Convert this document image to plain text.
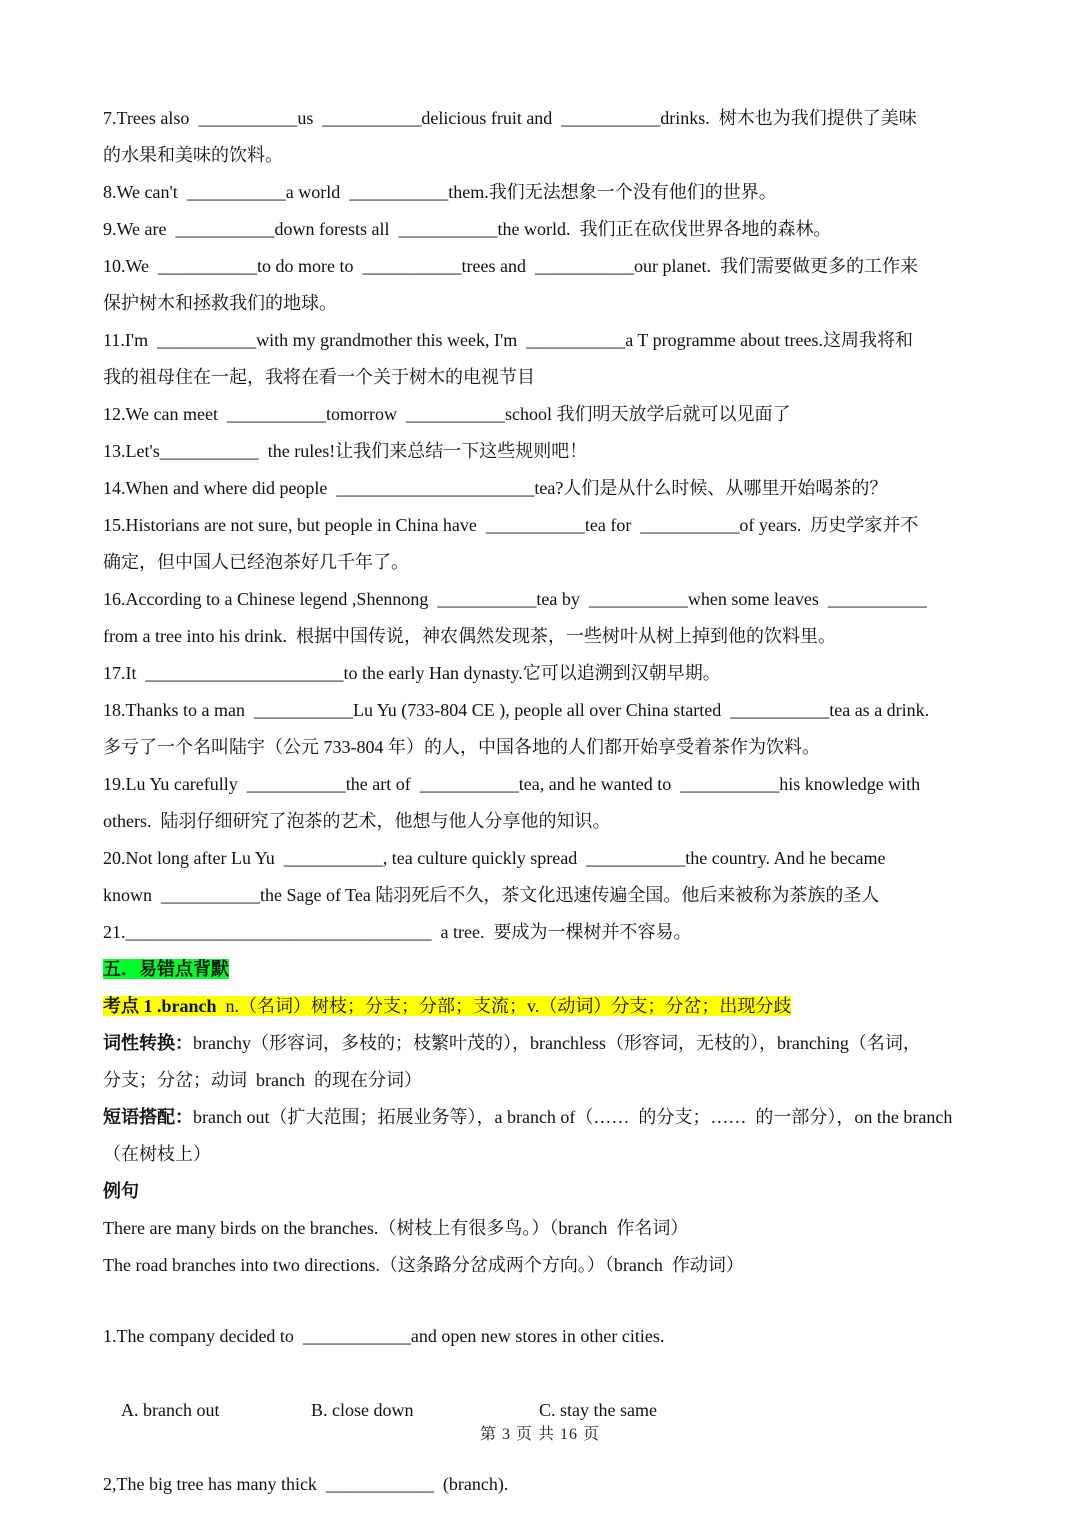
7.Trees also  ___________us  ___________delicious fruit and  ___________drinks.  树木也为我们提供了美味

的水果和美味的饮料。

8.We can't  ___________a world  ___________them.我们无法想象一个没有他们的世界。

9.We are  ___________down forests all  ___________the world.  我们正在砍伐世界各地的森林。

10.We  ___________to do more to  ___________trees and  ___________our planet.  我们需要做更多的工作来

保护树木和拯救我们的地球。

11.I'm  ___________with my grandmother this week, I'm  ___________a T programme about trees.这周我将和

我的祖母住在一起，我将在看一个关于树木的电视节目

12.We can meet  ___________tomorrow  ___________school 我们明天放学后就可以见面了

13.Let's___________  the rules!让我们来总结一下这些规则吧！

14.When and where did people  ______________________tea?人们是从什么时候、从哪里开始喝茶的？

15.Historians are not sure, but people in China have  ___________tea for  ___________of years.  历史学家并不

确定，但中国人已经泡茶好几千年了。

16.According to a Chinese legend ,Shennong  ___________tea by  ___________when some leaves  ___________

from a tree into his drink.  根据中国传说，神农偶然发现茶，一些树叶从树上掉到他的饮料里。

17.It  ______________________to the early Han dynasty.它可以追溯到汉朝早期。

18.Thanks to a man  ___________Lu Yu (733-804 CE ), people all over China started  ___________tea as a drink.

多亏了一个名叫陆宇（公元 733-804 年）的人，中国各地的人们都开始享受着茶作为饮料。

19.Lu Yu carefully  ___________the art of  ___________tea, and he wanted to  ___________his knowledge with

others.  陆羽仔细研究了泡茶的艺术，他想与他人分享他的知识。

20.Not long after Lu Yu  ___________, tea culture quickly spread  ___________the country. And he became

known  ___________the Sage of Tea 陆羽死后不久，茶文化迅速传遍全国。他后来被称为茶族的圣人

21.__________________________________  a tree.  要成为一棵树并不容易。

五．易错点背默

考点 1 .branch  n.（名词）树枝；分支；分部；支流；v.（动词）分支；分岔；出现分歧

词性转换：branchy（形容词，多枝的；枝繁叶茂的），branchless（形容词，无枝的），branching（名词，

分支；分岔；动词  branch  的现在分词）

短语搭配：branch out（扩大范围；拓展业务等），a branch of（……  的分支；……  的一部分），on the branch

（在树枝上）

例句

There are many birds on the branches.（树枝上有很多鸟。）（branch  作名词）

The road branches into two directions.（这条路分岔成两个方向。）（branch  作动词）

1.The company decided to  ____________and open new stores in other cities.

A. branch out	B. close down	C. stay the same

2,The big tree has many thick  ____________  (branch).

第 3 页 共 16 页
